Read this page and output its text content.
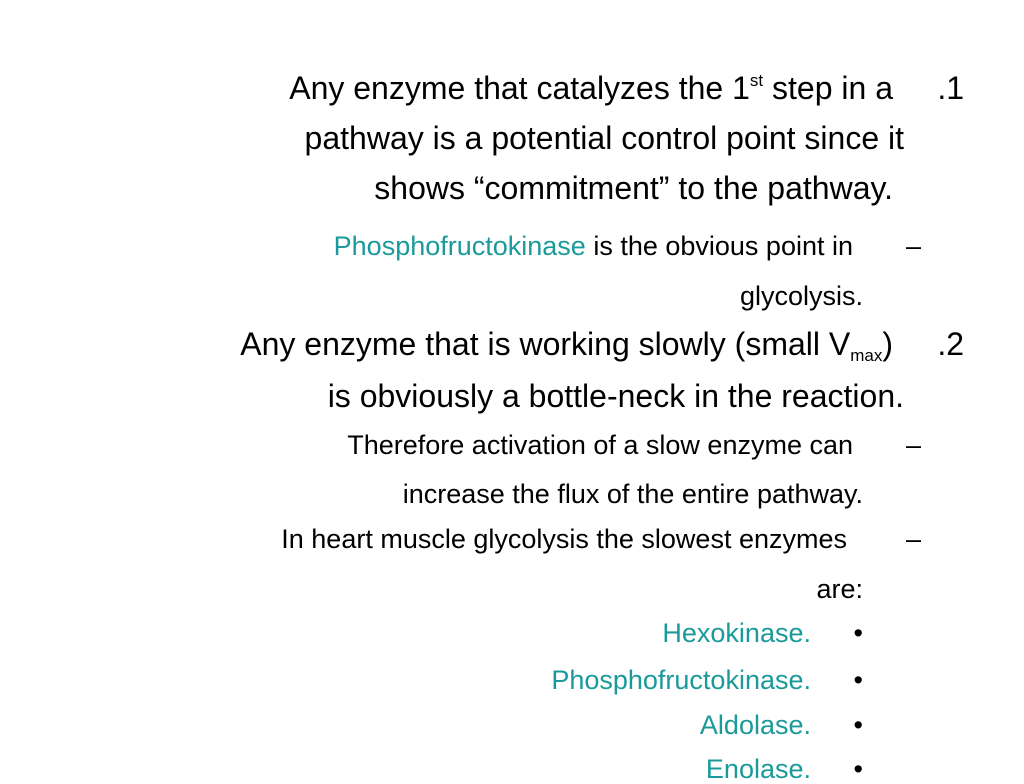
.1
Any enzyme that catalyzes the 1st step in a
pathway is a potential control point since it
shows “commitment” to the pathway.
–
Phosphofructokinase is the obvious point in
glycolysis.
.2
Any enzyme that is working slowly (small $V_{max}$)
is obviously a bottle-neck in the reaction.
–
Therefore activation of a slow enzyme can
increase the flux of the entire pathway.
–
In heart muscle glycolysis the slowest enzymes
are:
•
Hexokinase.
•
Phosphofructokinase.
•
Aldolase.
•
Enolase.
